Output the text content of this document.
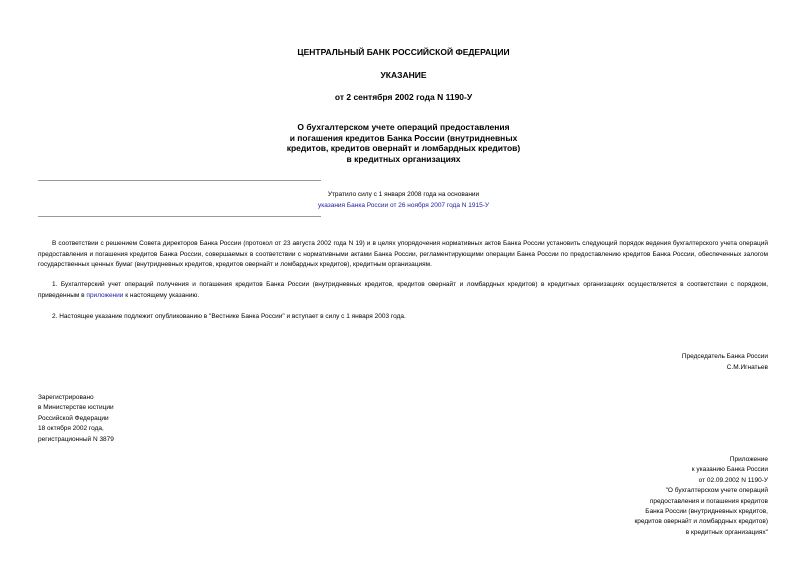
ЦЕНТРАЛЬНЫЙ БАНК РОССИЙСКОЙ ФЕДЕРАЦИИ
УКАЗАНИЕ
от 2 сентября 2002 года N 1190-У
О бухгалтерском учете операций предоставления
и погашения кредитов Банка России (внутридневных
кредитов, кредитов овернайт и ломбардных кредитов)
в кредитных организациях
Утратило силу с 1 января 2008 года на основании
указания Банка России от 26 ноября 2007 года N 1915-У
В соответствии с решением Совета директоров Банка России (протокол от 23 августа 2002 года N 19) и в целях упорядочения нормативных актов Банка России установить следующий порядок ведения бухгалтерского учета операций предоставления и погашения кредитов Банка России, совершаемых в соответствии с нормативными актами Банка России, регламентирующими операции Банка России по предоставлению кредитов Банка России, обеспеченных залогом государственных ценных бумаг (внутридневных кредитов, кредитов овернайт и ломбардных кредитов), кредитным организациям.
1. Бухгалтерский учет операций получения и погашения кредитов Банка России (внутридневных кредитов, кредитов овернайт и ломбардных кредитов) в кредитных организациях осуществляется в соответствии с порядком, приведенным в приложении к настоящему указанию.
2. Настоящее указание подлежит опубликованию в "Вестнике Банка России" и вступает в силу с 1 января 2003 года.
Председатель Банка России
С.М.Игнатьев
Зарегистрировано
в Министерстве юстиции
Российской Федерации
18 октября 2002 года,
регистрационный N 3879
Приложение
к указанию Банка России
от 02.09.2002 N 1190-У
"О бухгалтерском учете операций
предоставления и погашения кредитов
Банка России (внутридневных кредитов,
кредитов овернайт и ломбардных кредитов)
в кредитных организациях"
